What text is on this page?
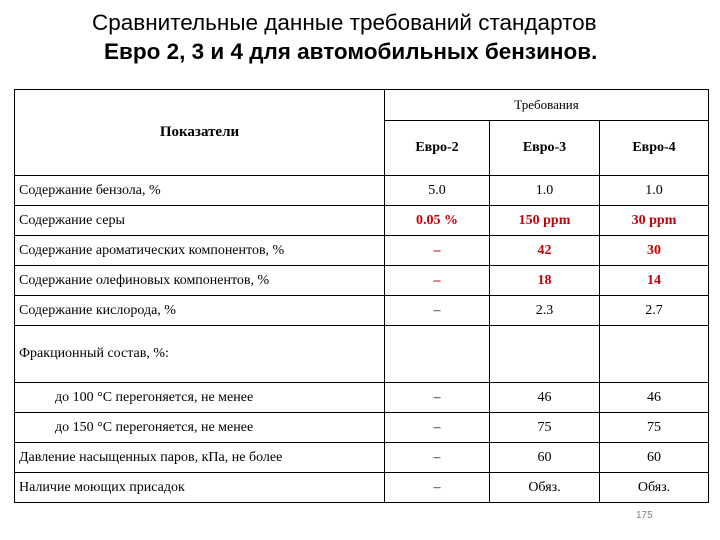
Сравнительные данные требований стандартов
Евро 2, 3 и 4 для автомобильных бензинов.
Показатели	Требования		
	Евро-2	Евро-3	Евро-4
Содержание бензола, %	5.0	1.0	1.0
Содержание серы	0.05 %	150 ppm	30 ppm
Содержание ароматических компонентов, %	–	42	30
Содержание олефиновых компонентов, %	–	18	14
Содержание кислорода, %	–	2.3	2.7
Фракционный состав, %:			
до 100 °С перегоняется, не менее	–	46	46
до 150 °С перегоняется, не менее	–	75	75
Давление насыщенных паров, кПа, не более	–	60	60
Наличие моющих присадок	–	Обяз.	Обяз.
175
